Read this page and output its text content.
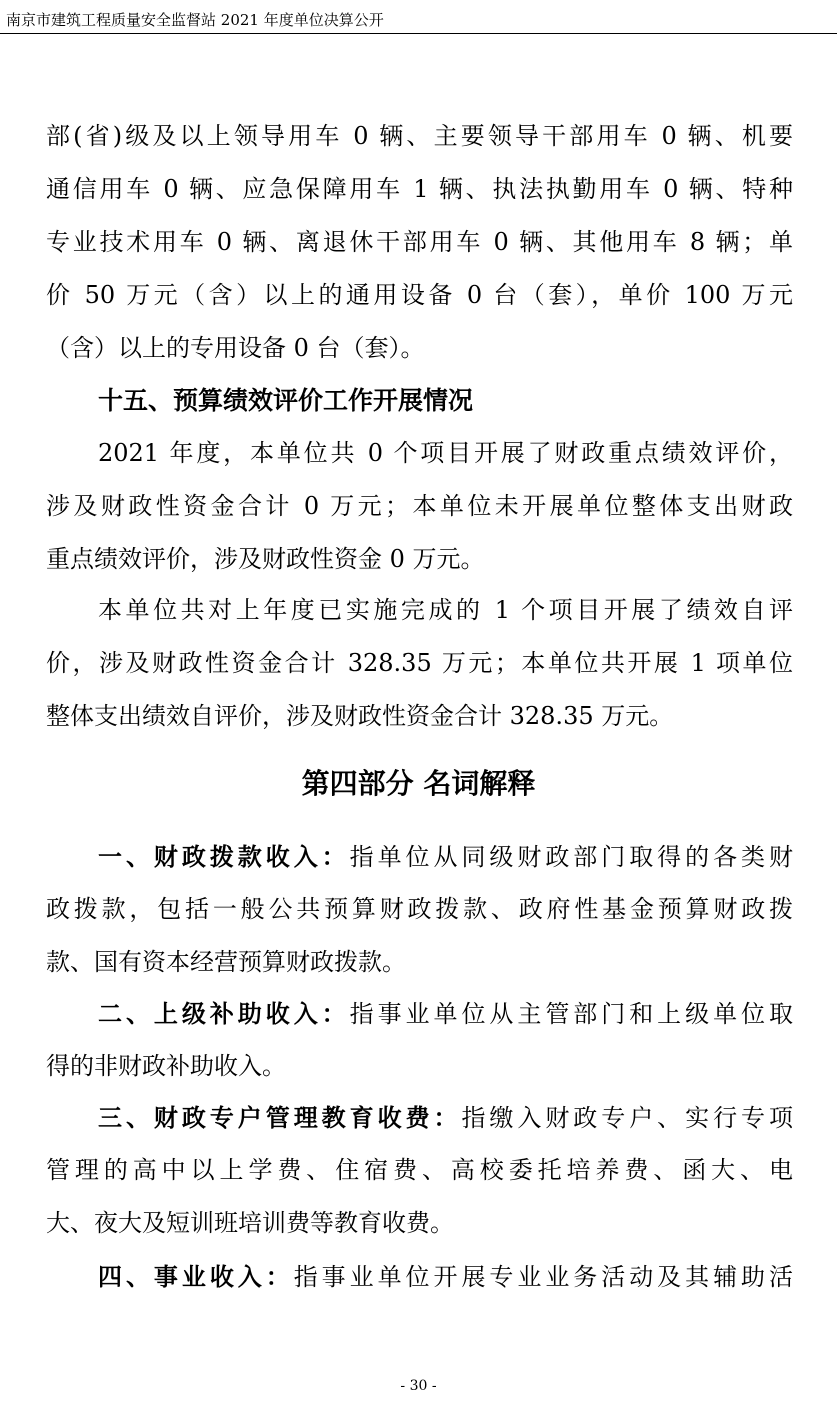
南京市建筑工程质量安全监督站 2021 年度单位决算公开
部(省)级及以上领导用车 0 辆、主要领导干部用车 0 辆、机要
通信用车 0 辆、应急保障用车 1 辆、执法执勤用车 0 辆、特种
专业技术用车 0 辆、离退休干部用车 0 辆、其他用车 8 辆；单
价 50 万元（含）以上的通用设备 0 台（套），单价 100 万元
（含）以上的专用设备 0 台（套）。
十五、预算绩效评价工作开展情况
2021 年度，本单位共 0 个项目开展了财政重点绩效评价，
涉及财政性资金合计 0 万元；本单位未开展单位整体支出财政
重点绩效评价，涉及财政性资金 0 万元。
本单位共对上年度已实施完成的 1 个项目开展了绩效自评
价，涉及财政性资金合计 328.35 万元；本单位共开展 1 项单位
整体支出绩效自评价，涉及财政性资金合计 328.35 万元。
第四部分 名词解释
一、财政拨款收入：指单位从同级财政部门取得的各类财
政拨款，包括一般公共预算财政拨款、政府性基金预算财政拨
款、国有资本经营预算财政拨款。
二、上级补助收入：指事业单位从主管部门和上级单位取
得的非财政补助收入。
三、财政专户管理教育收费：指缴入财政专户、实行专项
管理的高中以上学费、住宿费、高校委托培养费、函大、电
大、夜大及短训班培训费等教育收费。
四、事业收入：指事业单位开展专业业务活动及其辅助活
- 30 -
